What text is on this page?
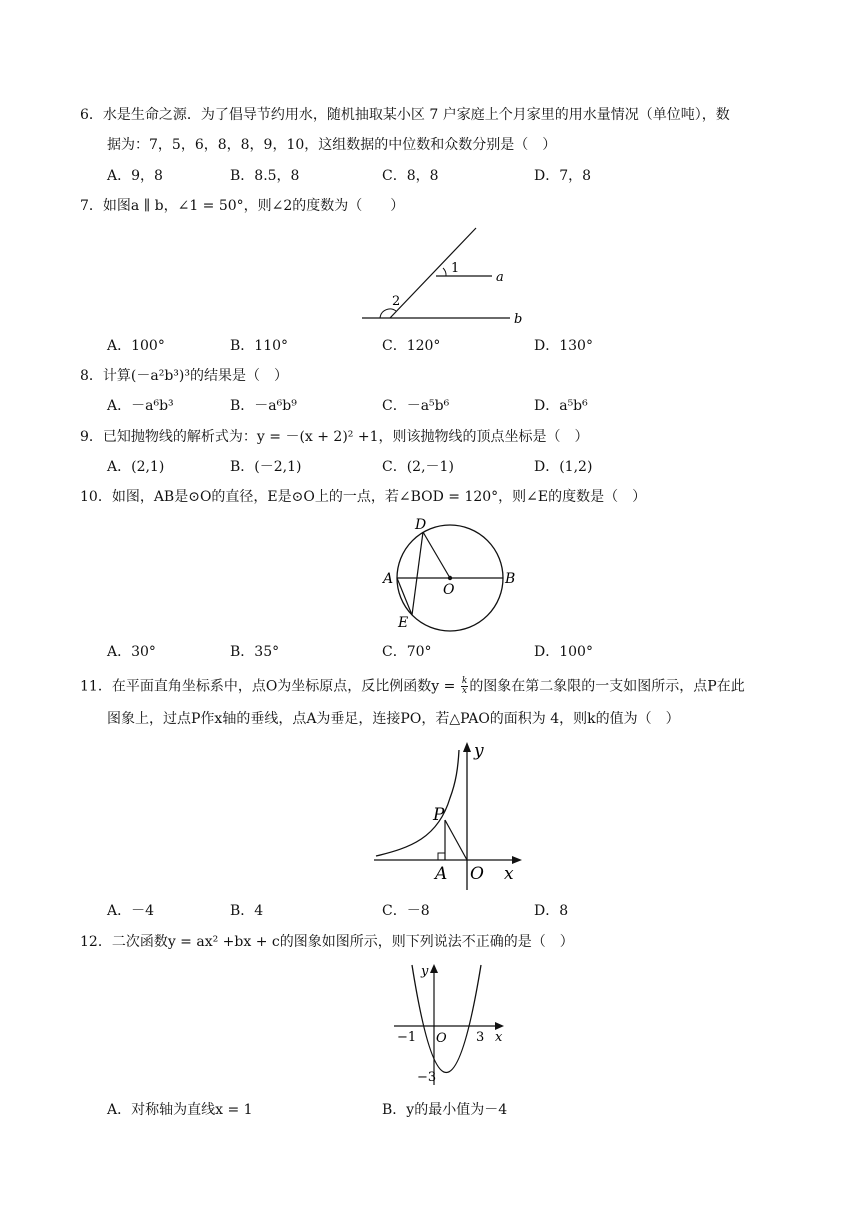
6．水是生命之源．为了倡导节约用水，随机抽取某小区 7 户家庭上个月家里的用水量情况（单位吨），数
据为：7，5，6，8，8，9，10，这组数据的中位数和众数分别是（　）
A．9，8	B．8.5，8	C．8，8	D．7，8
7．如图a ∥ b，∠1 = 50°，则∠2的度数为（　　）
1
2
a
b
A．100°	B．110°	C．120°	D．130°
8．计算(－a²b³)³的结果是（　）
A．－a⁶b³	B．－a⁶b⁹	C．－a⁵b⁶	D．a⁵b⁶
9．已知抛物线的解析式为：y = －(x + 2)² +1，则该抛物线的顶点坐标是（　）
A．(2,1)	B．(－2,1)	C．(2,－1)	D．(1,2)
10．如图，AB是⊙O的直径，E是⊙O上的一点，若∠BOD = 120°，则∠E的度数是（　）
D
A	B
O
E
A．30°	B．35°	C．70°	D．100°
11．在平面直角坐标系中，点O为坐标原点，反比例函数$y = \frac{k}{x}$ 的图象在第二象限的一支如图所示，点P在此
图象上，过点P作x轴的垂线，点A为垂足，连接PO，若△PAO的面积为 4，则k的值为（　）
y
P
A O x
A．－4	B．4	C．－8	D．8
12．二次函数y = ax² +bx + c的图象如图所示，则下列说法不正确的是（　）
y
−1 O 3 x
−3
A．对称轴为直线x = 1	B．y的最小值为－4
